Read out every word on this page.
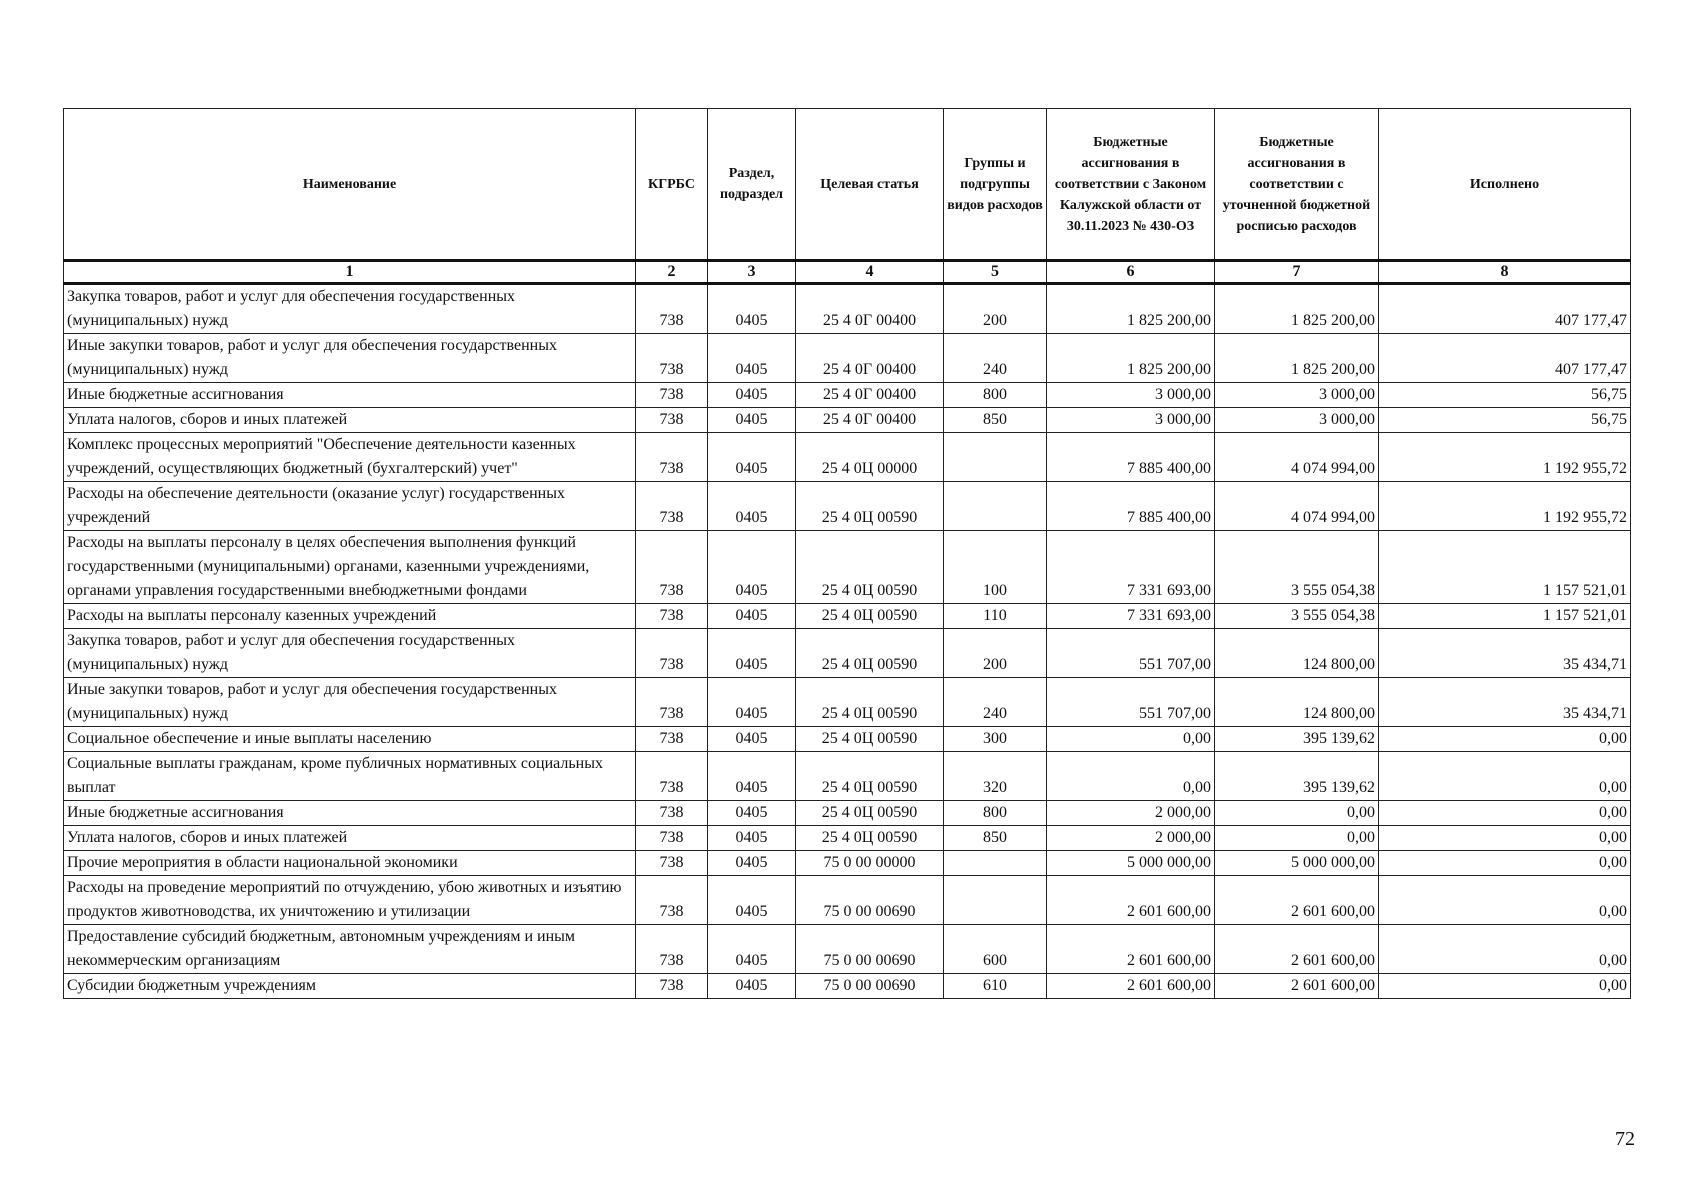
Наименование	КГРБС	Раздел, подраздел	Целевая статья	Группы и подгруппы видов расходов	Бюджетные ассигнования в соответствии с Законом Калужской области от 30.11.2023 № 430-ОЗ	Бюджетные ассигнования в соответствии с уточненной бюджетной росписью расходов	Исполнено
1	2	3	4	5	6	7	8
Закупка товаров, работ и услуг для обеспечения государственных (муниципальных) нужд	738	0405	25 4 0Г 00400	200	1 825 200,00	1 825 200,00	407 177,47
Иные закупки товаров, работ и услуг для обеспечения государственных (муниципальных) нужд	738	0405	25 4 0Г 00400	240	1 825 200,00	1 825 200,00	407 177,47
Иные бюджетные ассигнования	738	0405	25 4 0Г 00400	800	3 000,00	3 000,00	56,75
Уплата налогов, сборов и иных платежей	738	0405	25 4 0Г 00400	850	3 000,00	3 000,00	56,75
Комплекс процессных мероприятий "Обеспечение деятельности казенных учреждений, осуществляющих бюджетный (бухгалтерский) учет"	738	0405	25 4 0Ц 00000		7 885 400,00	4 074 994,00	1 192 955,72
Расходы на обеспечение деятельности (оказание услуг) государственных учреждений	738	0405	25 4 0Ц 00590		7 885 400,00	4 074 994,00	1 192 955,72
Расходы на выплаты персоналу в целях обеспечения выполнения функций государственными (муниципальными) органами, казенными учреждениями, органами управления государственными внебюджетными фондами	738	0405	25 4 0Ц 00590	100	7 331 693,00	3 555 054,38	1 157 521,01
Расходы на выплаты персоналу казенных учреждений	738	0405	25 4 0Ц 00590	110	7 331 693,00	3 555 054,38	1 157 521,01
Закупка товаров, работ и услуг для обеспечения государственных (муниципальных) нужд	738	0405	25 4 0Ц 00590	200	551 707,00	124 800,00	35 434,71
Иные закупки товаров, работ и услуг для обеспечения государственных (муниципальных) нужд	738	0405	25 4 0Ц 00590	240	551 707,00	124 800,00	35 434,71
Социальное обеспечение и иные выплаты населению	738	0405	25 4 0Ц 00590	300	0,00	395 139,62	0,00
Социальные выплаты гражданам, кроме публичных нормативных социальных выплат	738	0405	25 4 0Ц 00590	320	0,00	395 139,62	0,00
Иные бюджетные ассигнования	738	0405	25 4 0Ц 00590	800	2 000,00	0,00	0,00
Уплата налогов, сборов и иных платежей	738	0405	25 4 0Ц 00590	850	2 000,00	0,00	0,00
Прочие мероприятия в области национальной экономики	738	0405	75 0 00 00000		5 000 000,00	5 000 000,00	0,00
Расходы на проведение мероприятий по отчуждению, убою животных и изъятию продуктов животноводства, их уничтожению и утилизации	738	0405	75 0 00 00690		2 601 600,00	2 601 600,00	0,00
Предоставление субсидий бюджетным, автономным учреждениям и иным некоммерческим организациям	738	0405	75 0 00 00690	600	2 601 600,00	2 601 600,00	0,00
Субсидии бюджетным учреждениям	738	0405	75 0 00 00690	610	2 601 600,00	2 601 600,00	0,00
72
